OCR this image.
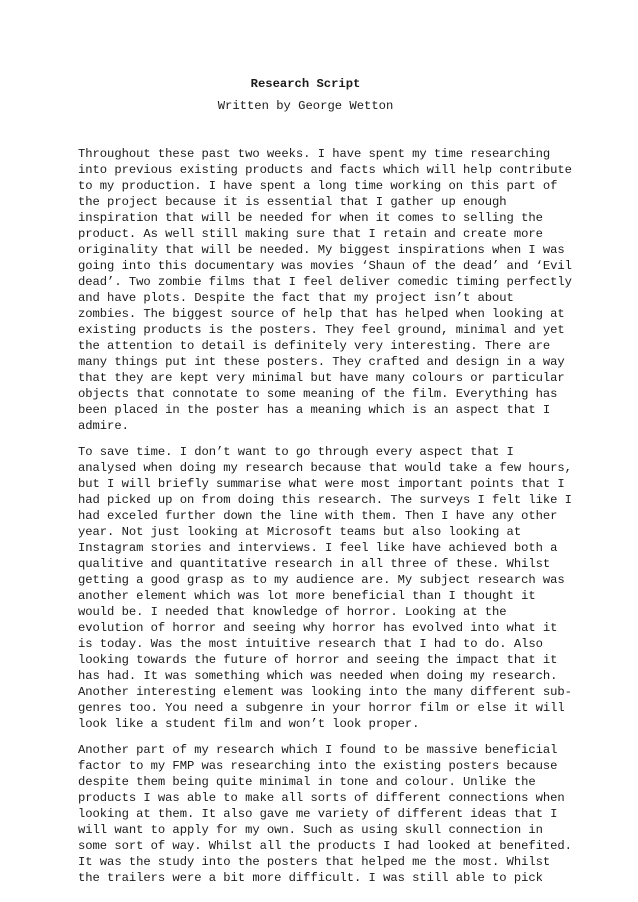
Research Script
Written by George Wetton
Throughout these past two weeks. I have spent my time researching
into previous existing products and facts which will help contribute
to my production. I have spent a long time working on this part of
the project because it is essential that I gather up enough
inspiration that will be needed for when it comes to selling the
product. As well still making sure that I retain and create more
originality that will be needed. My biggest inspirations when I was
going into this documentary was movies ‘Shaun of the dead’ and ‘Evil
dead’. Two zombie films that I feel deliver comedic timing perfectly
and have plots. Despite the fact that my project isn’t about
zombies. The biggest source of help that has helped when looking at
existing products is the posters. They feel ground, minimal and yet
the attention to detail is definitely very interesting. There are
many things put int these posters. They crafted and design in a way
that they are kept very minimal but have many colours or particular
objects that connotate to some meaning of the film. Everything has
been placed in the poster has a meaning which is an aspect that I
admire.
To save time. I don’t want to go through every aspect that I
analysed when doing my research because that would take a few hours,
but I will briefly summarise what were most important points that I
had picked up on from doing this research. The surveys I felt like I
had exceled further down the line with them. Then I have any other
year. Not just looking at Microsoft teams but also looking at
Instagram stories and interviews. I feel like have achieved both a
qualitive and quantitative research in all three of these. Whilst
getting a good grasp as to my audience are. My subject research was
another element which was lot more beneficial than I thought it
would be. I needed that knowledge of horror. Looking at the
evolution of horror and seeing why horror has evolved into what it
is today. Was the most intuitive research that I had to do. Also
looking towards the future of horror and seeing the impact that it
has had. It was something which was needed when doing my research.
Another interesting element was looking into the many different sub-
genres too. You need a subgenre in your horror film or else it will
look like a student film and won’t look proper.
Another part of my research which I found to be massive beneficial
factor to my FMP was researching into the existing posters because
despite them being quite minimal in tone and colour. Unlike the
products I was able to make all sorts of different connections when
looking at them. It also gave me variety of different ideas that I
will want to apply for my own. Such as using skull connection in
some sort of way. Whilst all the products I had looked at benefited.
It was the study into the posters that helped me the most. Whilst
the trailers were a bit more difficult. I was still able to pick
